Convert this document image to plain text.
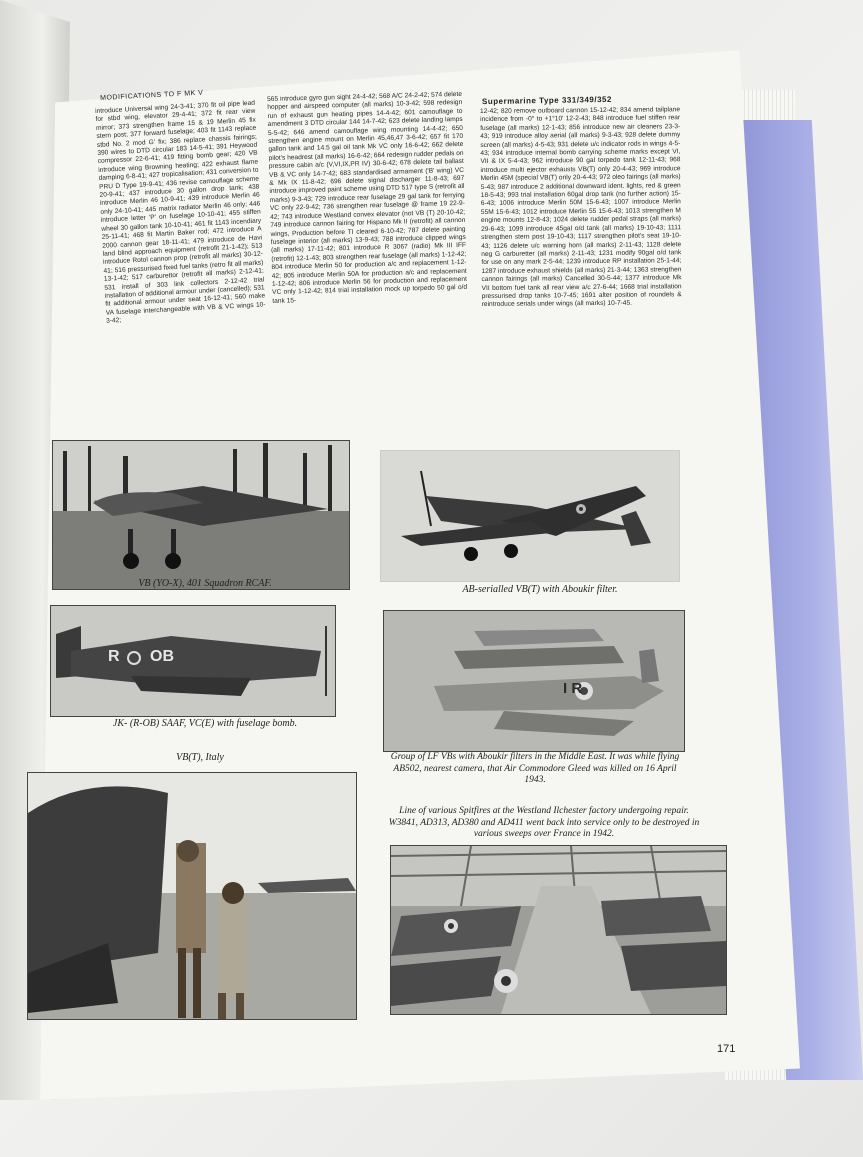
MODIFICATIONS TO F MK V	Supermarine Type 331/349/352
introduce Universal wing 24-3-41; 370 fit oil pipe lead for stbd wing, elevator 29-4-41; 372 fit rear view mirror; 373 strengthen frame 15 & 19 Merlin 45 fix stern post; 377 forward fuselage; 403 fit 1143 replace stbd No. 2 mod G' fix; 386 replace chassis fairings; 390 wires to DTD circular 183 14-5-41; 391 Heywood compressor 22-6-41; 419 fitting bomb gear; 420 VB introduce wing Browning heating; 422 exhaust flame damping 6-8-41; 427 tropicalisation; 431 conversion to PRU D Type 19-9-41; 436 revise camouflage scheme 20-9-41; 437 introduce 30 gallon drop tank; 438 introduce Merlin 46 10-9-41; 439 introduce Merlin 46 only 24-10-41; 445 matrix radiator Merlin 46 only; 446 introduce letter 'P' on fuselage 10-10-41; 455 stiffen wheel 30 gallon tank 10-10-41; 461 fit 1143 incendiary 25-11-41; 468 fit Martin Baker rod; 472 introduce A 2000 cannon gear 18-11-41; 479 introduce de Havi land blind approach equipment (retrofit 21-1-42); 513 introduce Rotol cannon prop (retrofit all marks) 30-12-41; 516 pressurised fixed fuel tanks (retro fit all marks) 13-1-42; 517 carburettor (retrofit all marks) 2-12-41; 531 install of 303 link collectors 2-12-42 trial installation of additional armour under (cancelled); 531 fit additional armour under seat 16-12-41; 560 make VA fuselage interchangeable with VB & VC wings 10-3-42;
565 introduce gyro gun sight 24-4-42; 568 A/C 24-2-42; 574 delete hopper and airspeed computer (all marks) 10-3-42; 598 redesign run of exhaust gun heating pipes 14-4-42; 601 camouflage to amendment 3 DTD circular 144 14-7-42; 623 delete landing lamps 5-5-42; 646 amend camouflage wing mounting 14-4-42; 650 strengthen engine mount on Merlin 45,46,47 3-6-42; 657 fit 170 gallon tank and 14.5 gal oil tank Mk VC only 16-6-42; 662 delete pilot's headrest (all marks) 16-6-42; 664 redesign rudder pedals on pressure cabin a/c (V,VI,IX,PR IV) 30-6-42; 678 delete tail ballast VB & VC only 14-7-42; 683 standardised armament ('B' wing) VC & Mk IX 11-8-42; 696 delete signal discharger 11-8-43; 697 introduce improved paint scheme using DTD 517 type S (retrofit all marks) 9-3-43; 729 introduce rear fuselage 29 gal tank for ferrying VC only 22-9-42; 736 strengthen rear fuselage @ frame 19 22-9-42; 743 introduce Westland convex elevator (not VB (T) 20-10-42; 749 introduce cannon fairing for Hispano Mk II (retrofit) all cannon wings, Production before TI cleared 6-10-42; 787 delete painting fuselage interior (all marks) 13-9-43; 788 introduce clipped wings (all marks) 17-11-42; 801 introduce R 3067 (radio) Mk III IFF (retrofit) 12-1-43; 803 strengthen rear fuselage (all marks) 1-12-42; 804 introduce Merlin 50 for production a/c and replacement 1-12-42; 805 introduce Merlin 50A for production a/c and replacement 1-12-42; 806 introduce Merlin 56 for production and replacement VC only 1-12-42; 814 trial installation mock up torpedo 50 gal o/d tank 15-
12-42; 820 remove outboard cannon 15-12-42; 834 amend tailplane incidence from -0° to +1°10' 12-2-43; 848 introduce fuel stiffen rear fuselage (all marks) 12-1-43; 856 introduce new air cleaners 23-3-43; 919 introduce alloy aerial (all marks) 9-3-43; 928 delete dummy screen (all marks) 4-5-43; 931 delete u/c indicator rods in wings 4-5-43; 934 introduce internal bomb carrying scheme marks except VI, VII & IX 5-4-43; 962 introduce 90 gal torpedo tank 12-11-43; 968 introduce multi ejector exhausts VB(T) only 20-4-43; 969 introduce Merlin 45M (special VB(T) only 20-4-43; 972 oleo fairings (all marks) 5-43; 987 introduce 2 additional downward ident. lights, red & green 18-5-43; 993 trial installation 60gal drop tank (no further action) 15-6-43; 1006 introduce Merlin 50M 15-6-43; 1007 introduce Merlin 55M 15-6-43; 1012 introduce Merlin 55 15-6-43; 1013 strengthen M engine mounts 12-8-43; 1024 delete rudder pedal straps (all marks) 29-6-43; 1099 introduce 45gal o/d tank (all marks) 19-10-43; 1111 strengthen stern post 19-10-43; 1117 strengthen pilot's seat 19-10-43; 1126 delete u/c warning horn (all marks) 2-11-43; 1128 delete neg G carburetter (all marks) 2-11-43; 1231 modify 90gal o/d tank for use on any mark 2-5-44; 1239 introduce RP installation 25-1-44; 1287 introduce exhaust shields (all marks) 21-3-44; 1363 strengthen cannon fairings (all marks) Cancelled 30-5-44; 1377 introduce Mk VII bottom fuel tank all rear view a/c 27-6-44; 1668 trial installation pressurised drop tanks 10-7-45; 1691 alter position of roundels & reintroduce serials under wings (all marks) 10-7-45.
VB (YO-X), 401 Squadron RCAF.
AB-serialled VB(T) with Aboukir filter.
R OB
JK- (R-OB) SAAF, VC(E) with fuselage bomb.
I R
Group of LF VBs with Aboukir filters in the Middle East. It was while flying AB502, nearest camera, that Air Commodore Gleed was killed on 16 April 1943.
VB(T), Italy
Line of various Spitfires at the Westland Ilchester factory undergoing repair. W3841, AD313, AD380 and AD411 went back into service only to be destroyed in various sweeps over France in 1942.
171
